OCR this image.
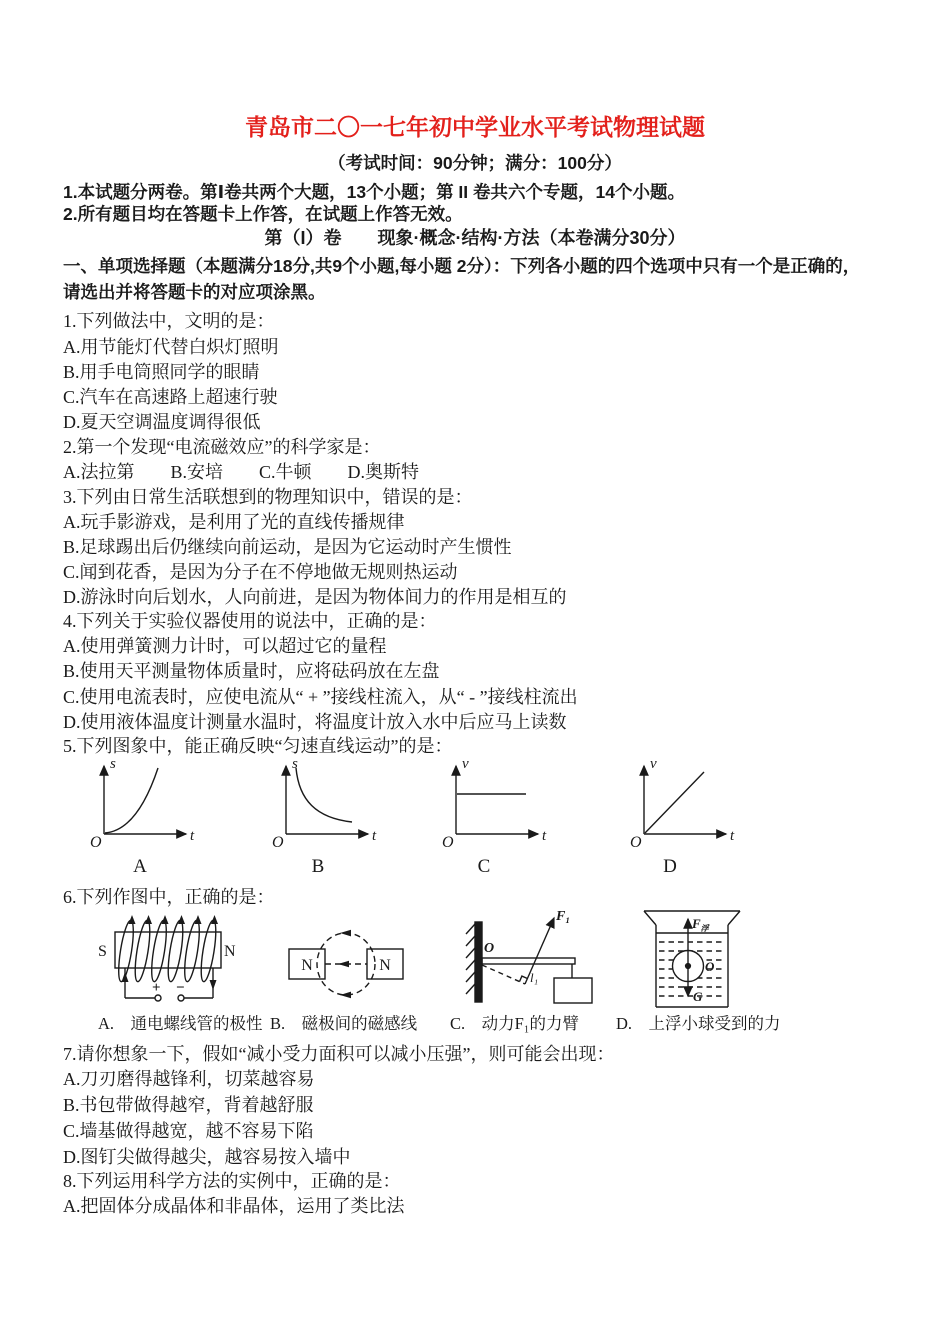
青岛市二〇一七年初中学业水平考试物理试题
（考试时间：90分钟；满分：100分）
1.本试题分两卷。第Ⅰ卷共两个大题，13个小题；第 II 卷共六个专题，14个小题。
2.所有题目均在答题卡上作答，在试题上作答无效。
第（I）卷　　现象·概念·结构·方法（本卷满分30分）
一、单项选择题（本题满分18分,共9个小题,每小题 2分）：下列各小题的四个选项中只有一个是正确的，
请选出并将答题卡的对应项涂黑。
1.下列做法中，文明的是：
A.用节能灯代替白炽灯照明
B.用手电筒照同学的眼睛
C.汽车在高速路上超速行驶
D.夏天空调温度调得很低
2.第一个发现“电流磁效应”的科学家是：
A.法拉第　　B.安培　　C.牛顿　　D.奥斯特
3.下列由日常生活联想到的物理知识中，错误的是：
A.玩手影游戏，是利用了光的直线传播规律
B.足球踢出后仍继续向前运动，是因为它运动时产生惯性
C.闻到花香，是因为分子在不停地做无规则热运动
D.游泳时向后划水，人向前进，是因为物体间力的作用是相互的
4.下列关于实验仪器使用的说法中，正确的是：
A.使用弹簧测力计时，可以超过它的量程
B.使用天平测量物体质量时，应将砝码放在左盘
C.使用电流表时，应使电流从“ + ”接线柱流入，从“ - ”接线柱流出
D.使用液体温度计测量水温时，将温度计放入水中后应马上读数
5.下列图象中，能正确反映“匀速直线运动”的是：
s
t
O
s
t
O
v
t
O
v
t
O
A	B	C	D
6.下列作图中，正确的是：
S	N
+ −
N	N
O
F₁
l₁
$F_浮$
O
G
A.　通电螺线管的极性 B.　磁极间的磁感线 C.　动力F₁的力臂 D.　上浮小球受到的力
7.请你想象一下，假如“减小受力面积可以减小压强”，则可能会出现：
A.刀刃磨得越锋利，切菜越容易
B.书包带做得越窄，背着越舒服
C.墙基做得越宽，越不容易下陷
D.图钉尖做得越尖，越容易按入墙中
8.下列运用科学方法的实例中，正确的是：
A.把固体分成晶体和非晶体，运用了类比法
